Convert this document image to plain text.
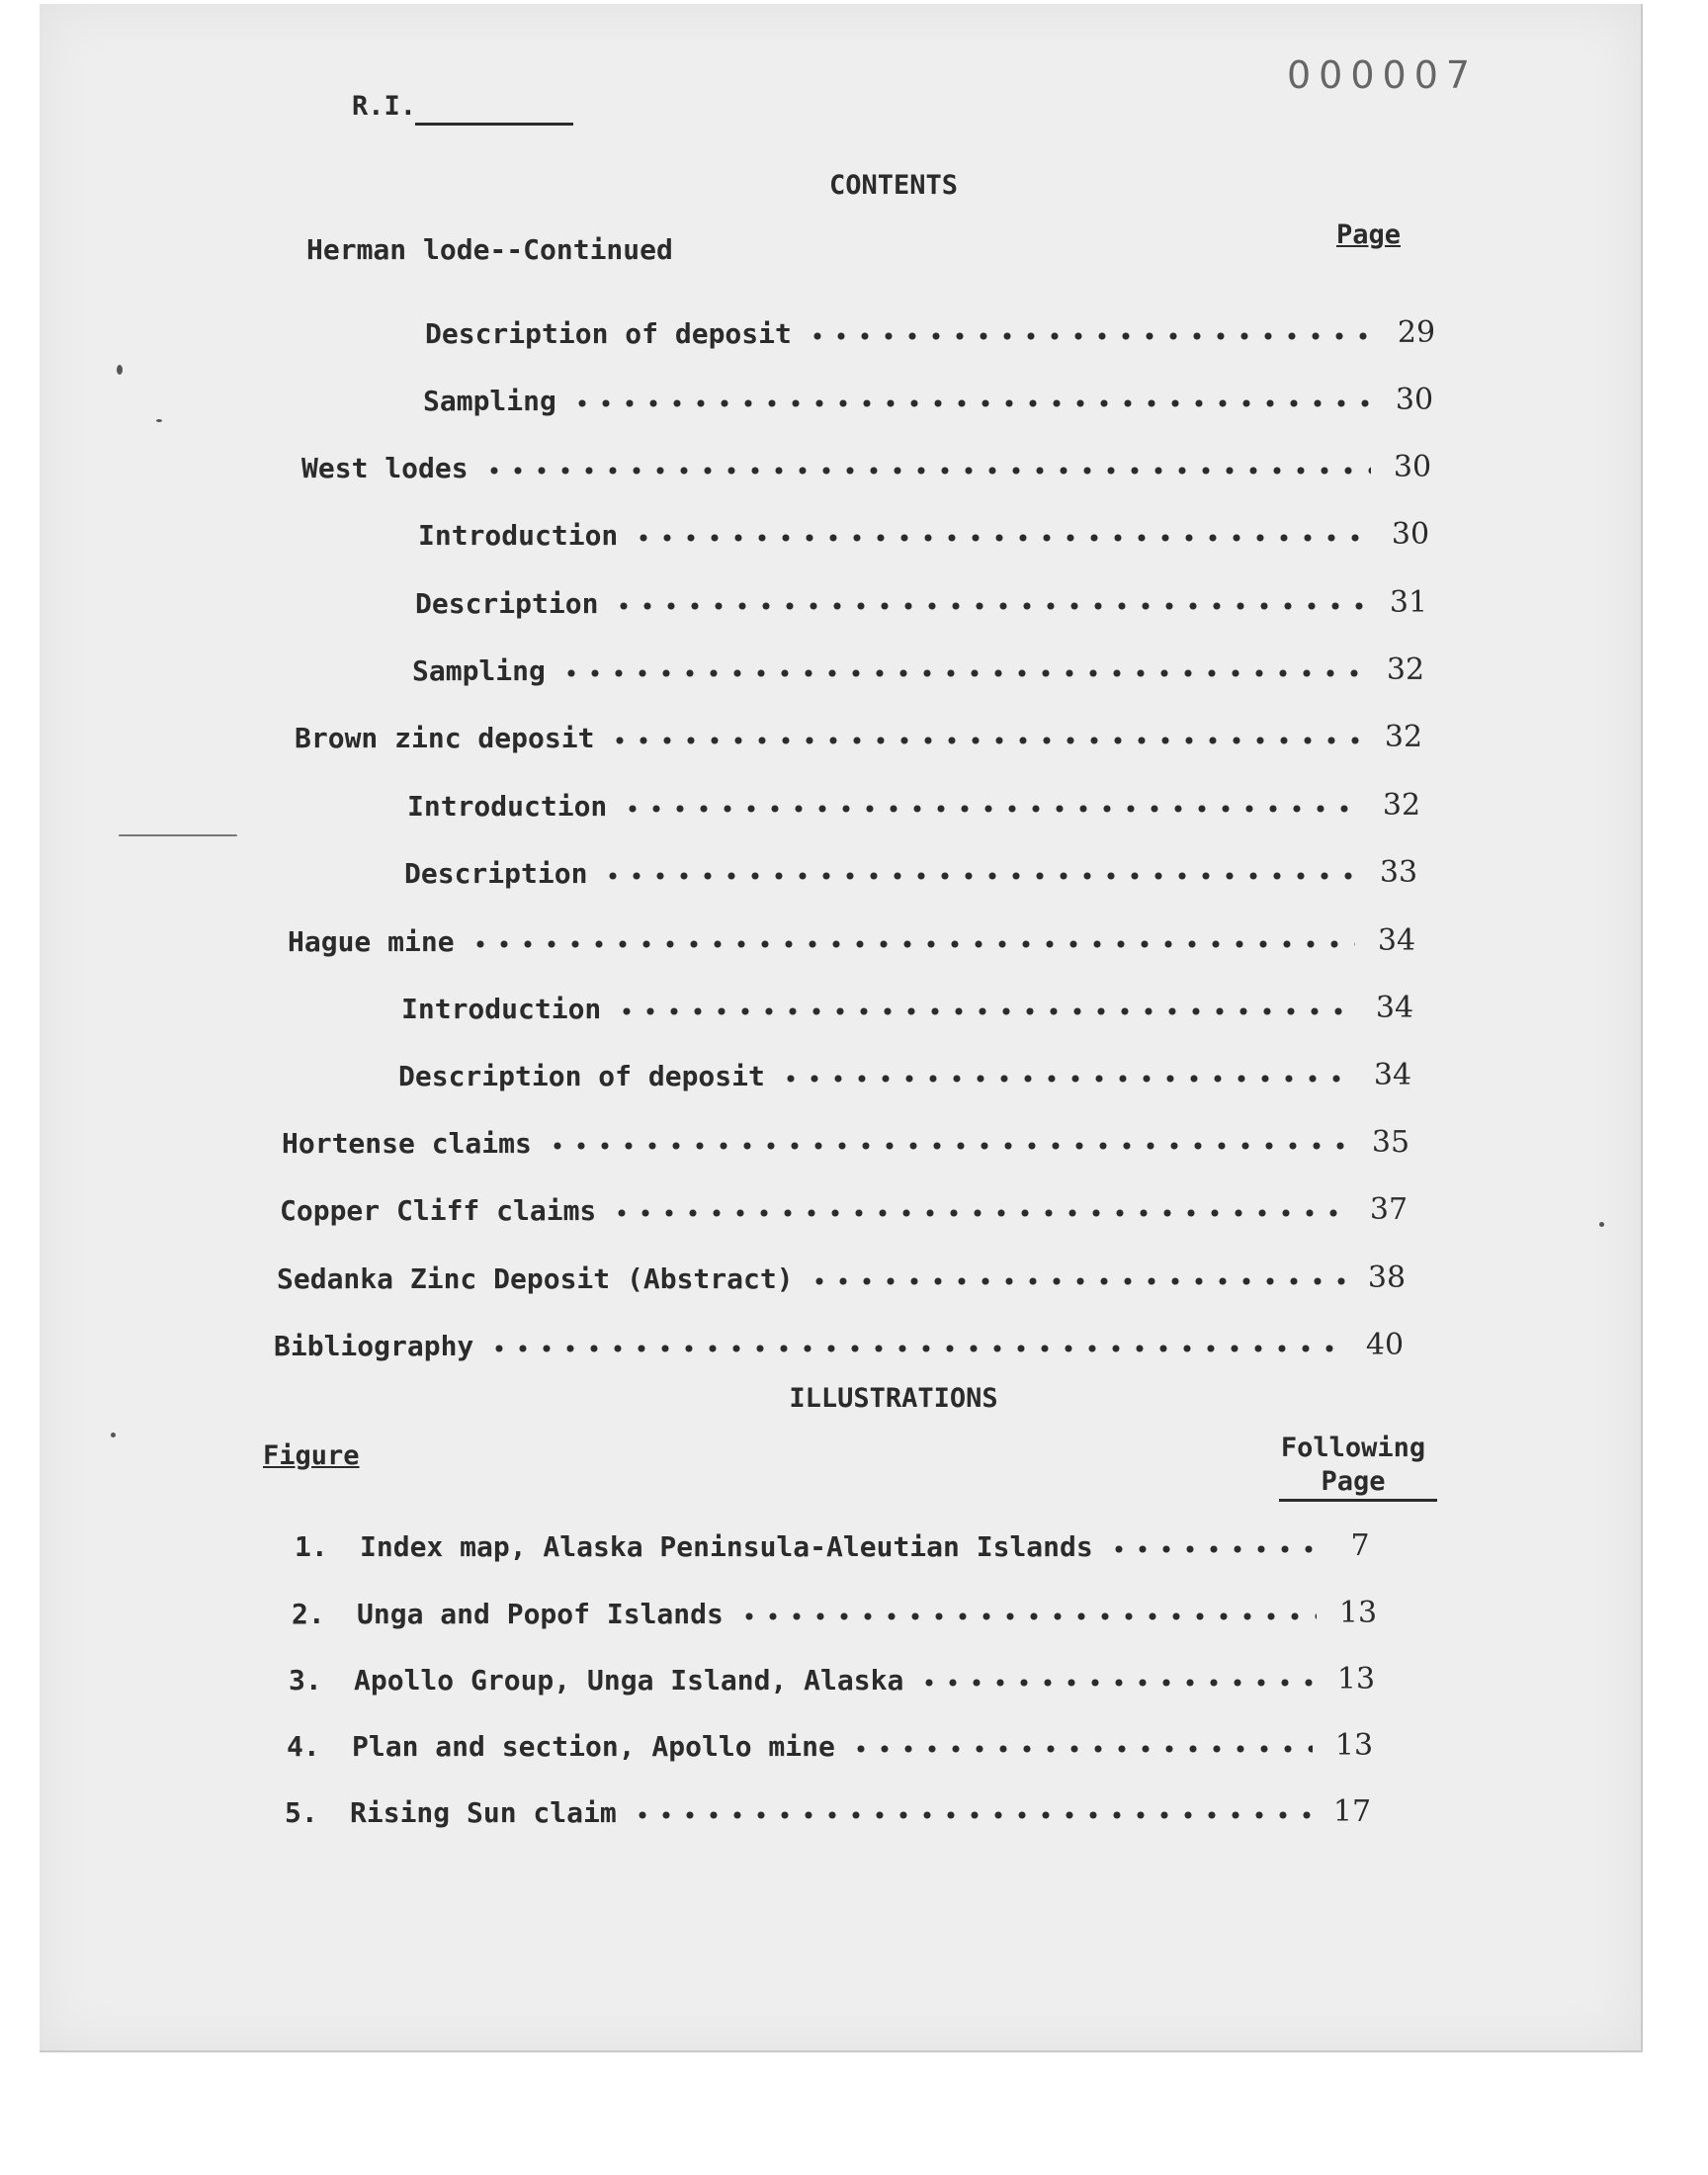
000007
R.I.
CONTENTS
Herman lode--Continued	Page
Description of deposit	29
Sampling	30
West lodes	30
Introduction	30
Description	31
Sampling	32
Brown zinc deposit	32
Introduction	32
Description	33
Hague mine	34
Introduction	34
Description of deposit	34
Hortense claims	35
Copper Cliff claims	37
Sedanka Zinc Deposit (Abstract)	38
Bibliography	40
ILLUSTRATIONS
Figure	Following
Page
1. Index map, Alaska Peninsula-Aleutian Islands	7
2. Unga and Popof Islands	13
3. Apollo Group, Unga Island, Alaska	13
4. Plan and section, Apollo mine	13
5. Rising Sun claim	17
